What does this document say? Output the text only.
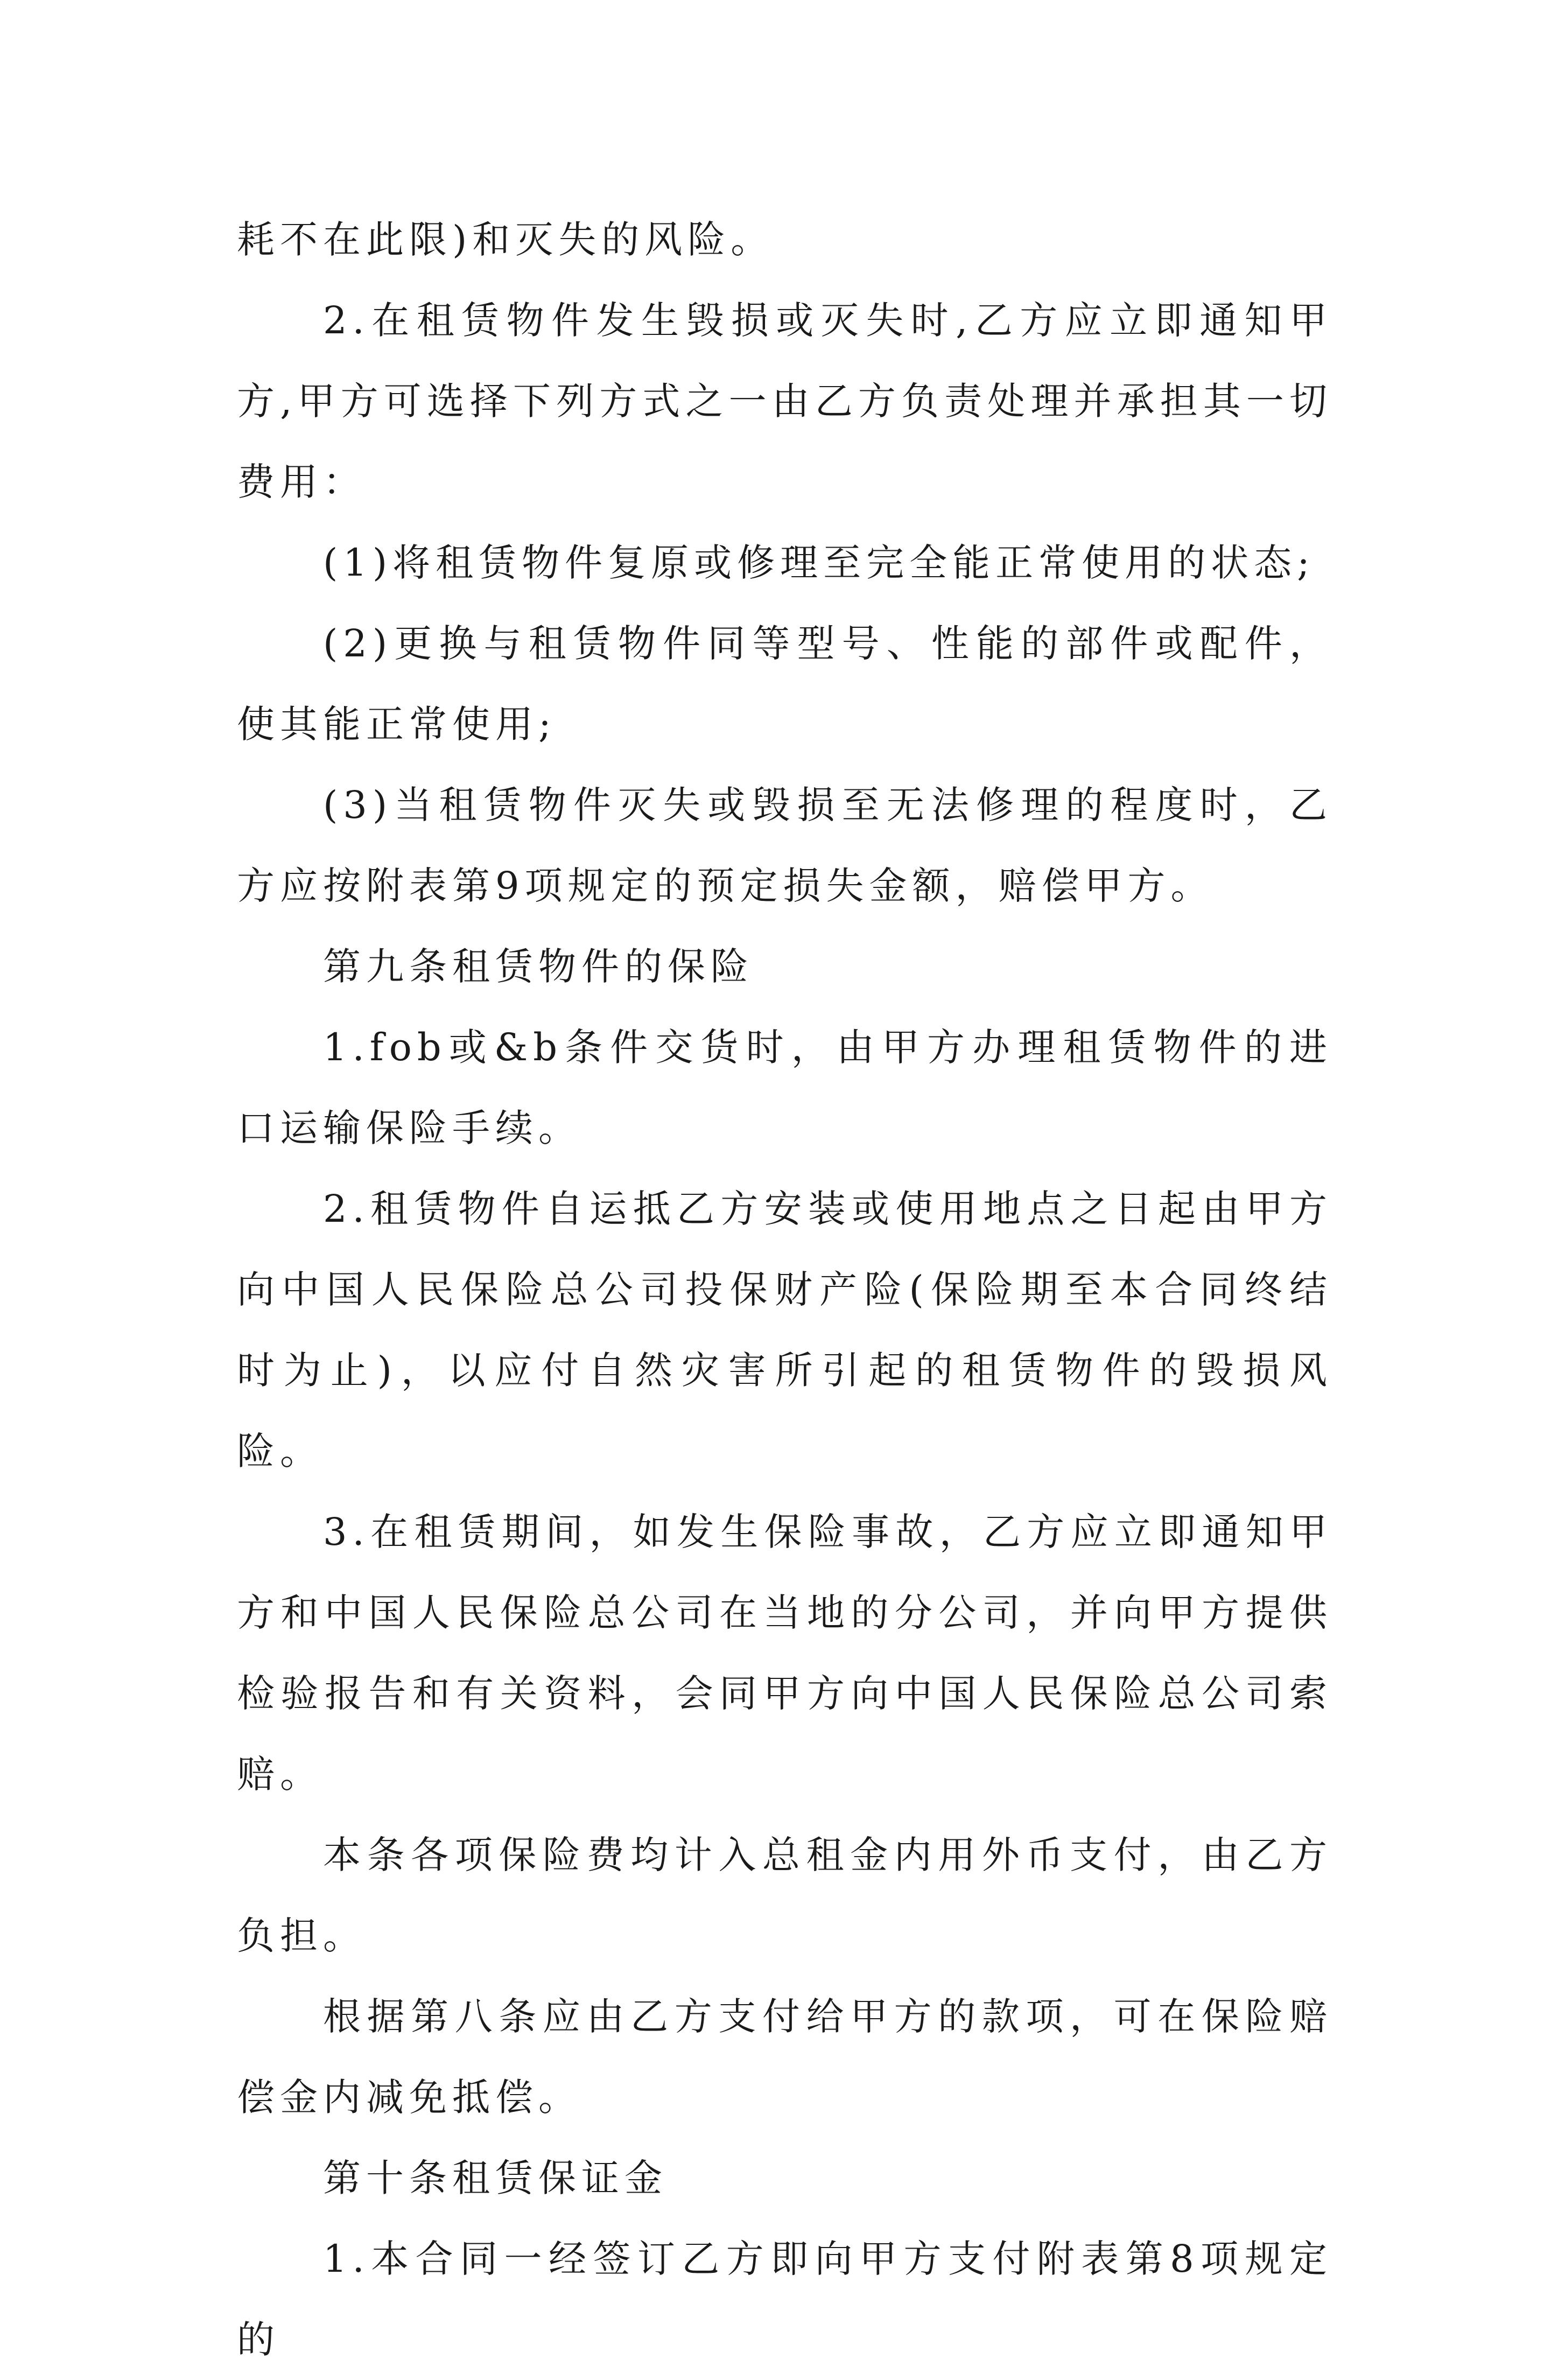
耗不在此限)和灭失的风险。

2.在租赁物件发生毁损或灭失时,乙方应立即通知甲方,甲方可选择下列方式之一由乙方负责处理并承担其一切费用：

(1)将租赁物件复原或修理至完全能正常使用的状态;

(2)更换与租赁物件同等型号、性能的部件或配件，使其能正常使用;

(3)当租赁物件灭失或毁损至无法修理的程度时，乙方应按附表第9项规定的预定损失金额，赔偿甲方。

第九条租赁物件的保险

1.fob或&b条件交货时，由甲方办理租赁物件的进口运输保险手续。

2.租赁物件自运抵乙方安装或使用地点之日起由甲方向中国人民保险总公司投保财产险(保险期至本合同终结时为止)，以应付自然灾害所引起的租赁物件的毁损风险。

3.在租赁期间，如发生保险事故，乙方应立即通知甲方和中国人民保险总公司在当地的分公司，并向甲方提供检验报告和有关资料，会同甲方向中国人民保险总公司索赔。

本条各项保险费均计入总租金内用外币支付，由乙方负担。

根据第八条应由乙方支付给甲方的款项，可在保险赔偿金内减免抵偿。

第十条租赁保证金

1.本合同一经签订乙方即向甲方支付附表第8项规定的
